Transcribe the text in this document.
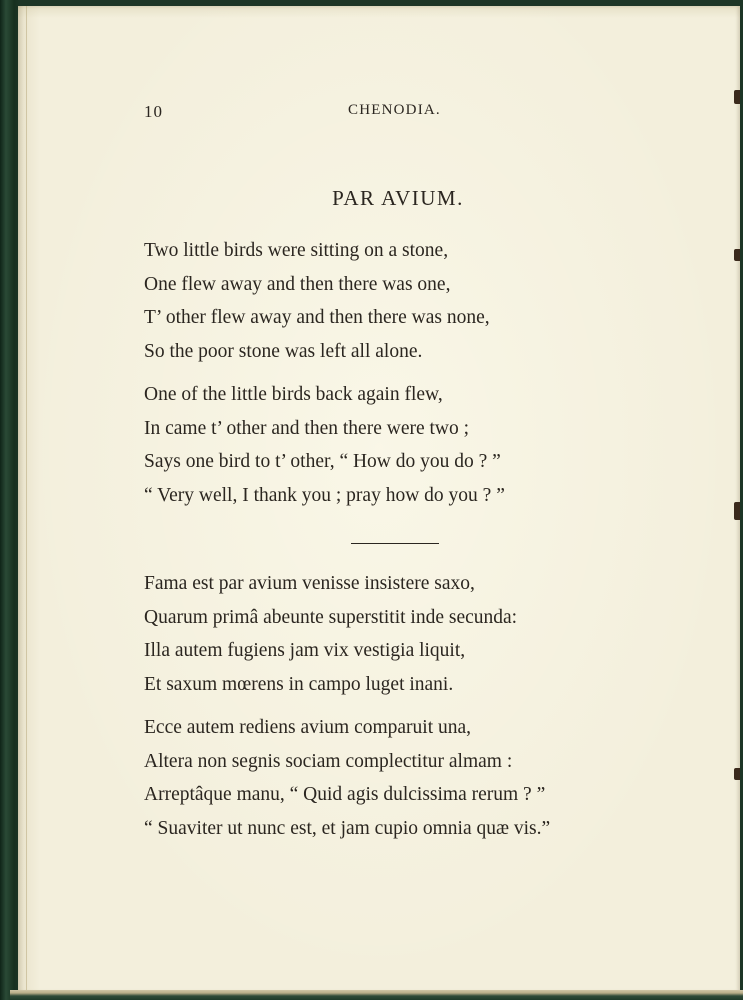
10	CHENODIA.
PAR AVIUM.
Two little birds were sitting on a stone,
One flew away and then there was one,
T’ other flew away and then there was none,
So the poor stone was left all alone.
One of the little birds back again flew,
In came t’ other and then there were two ;
Says one bird to t’ other, “ How do you do ? ”
“ Very well, I thank you ; pray how do you ? ”
Fama est par avium venisse insistere saxo,
Quarum primâ abeunte superstitit inde secunda:
Illa autem fugiens jam vix vestigia liquit,
Et saxum mœrens in campo luget inani.
Ecce autem rediens avium comparuit una,
Altera non segnis sociam complectitur almam :
Arreptâque manu, “ Quid agis dulcissima rerum ? ”
“ Suaviter ut nunc est, et jam cupio omnia quæ vis.”
